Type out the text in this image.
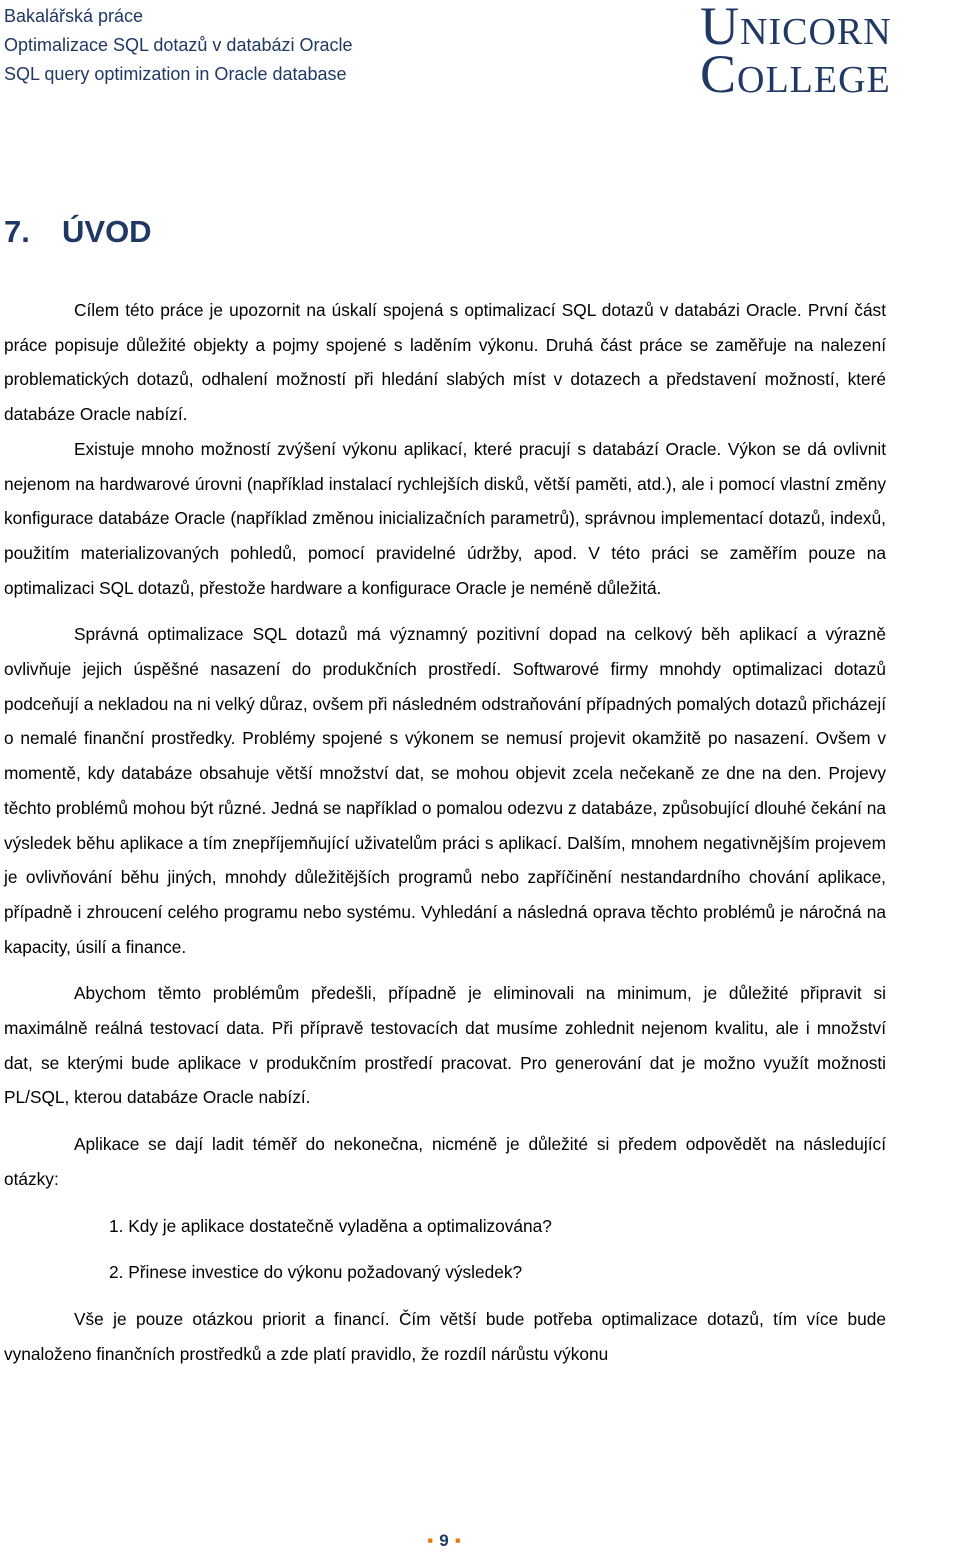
Bakalářská práce
Optimalizace SQL dotazů v databázi Oracle
SQL query optimization in Oracle database
UNICORN
COLLEGE
7. ÚVOD

Cílem této práce je upozornit na úskalí spojená s optimalizací SQL dotazů v databázi Oracle. První část práce popisuje důležité objekty a pojmy spojené s laděním výkonu. Druhá část práce se zaměřuje na nalezení problematických dotazů, odhalení možností při hledání slabých míst v dotazech a představení možností, které databáze Oracle nabízí.

Existuje mnoho možností zvýšení výkonu aplikací, které pracují s databází Oracle. Výkon se dá ovlivnit nejenom na hardwarové úrovni (například instalací rychlejších disků, větší paměti, atd.), ale i pomocí vlastní změny konfigurace databáze Oracle (například změnou inicializačních parametrů), správnou implementací dotazů, indexů, použitím materializovaných pohledů, pomocí pravidelné údržby, apod. V této práci se zaměřím pouze na optimalizaci SQL dotazů, přestože hardware a konfigurace Oracle je neméně důležitá.

Správná optimalizace SQL dotazů má významný pozitivní dopad na celkový běh aplikací a výrazně ovlivňuje jejich úspěšné nasazení do produkčních prostředí. Softwarové firmy mnohdy optimalizaci dotazů podceňují a nekladou na ni velký důraz, ovšem při následném odstraňování případných pomalých dotazů přicházejí o nemalé finanční prostředky. Problémy spojené s výkonem se nemusí projevit okamžitě po nasazení. Ovšem v momentě, kdy databáze obsahuje větší množství dat, se mohou objevit zcela nečekaně ze dne na den. Projevy těchto problémů mohou být různé. Jedná se například o pomalou odezvu z databáze, způsobující dlouhé čekání na výsledek běhu aplikace a tím znepříjemňující uživatelům práci s aplikací. Dalším, mnohem negativnějším projevem je ovlivňování běhu jiných, mnohdy důležitějších programů nebo zapříčinění nestandardního chování aplikace, případně i zhroucení celého programu nebo systému. Vyhledání a následná oprava těchto problémů je náročná na kapacity, úsilí a finance.

Abychom těmto problémům předešli, případně je eliminovali na minimum, je důležité připravit si maximálně reálná testovací data. Při přípravě testovacích dat musíme zohlednit nejenom kvalitu, ale i množství dat, se kterými bude aplikace v produkčním prostředí pracovat. Pro generování dat je možno využít možnosti PL/SQL, kterou databáze Oracle nabízí.

Aplikace se dají ladit téměř do nekonečna, nicméně je důležité si předem odpovědět na následující otázky:

1. Kdy je aplikace dostatečně vyladěna a optimalizována?
2. Přinese investice do výkonu požadovaný výsledek?

Vše je pouze otázkou priorit a financí. Čím větší bude potřeba optimalizace dotazů, tím více bude vynaloženo finančních prostředků a zde platí pravidlo, že rozdíl nárůstu výkonu

▪ 9 ▪
